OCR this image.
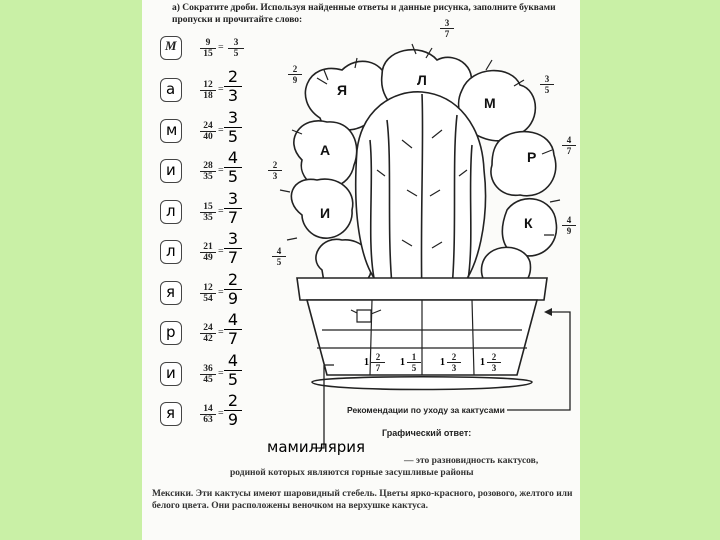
а) Сократите дроби. Используя найденные ответы и данные рисунка, заполните буквами пропуски и прочитайте слово:
М $\frac{9}{15} = \frac{3}{5}$
а	$\frac{12}{18} = \frac{2}{3}$
м $\frac{24}{40} = \frac{3}{5}$
и	$\frac{28}{35} = \frac{4}{5}$
л	$\frac{15}{35} = \frac{3}{7}$
л	$\frac{21}{49} = \frac{3}{7}$
я	$\frac{12}{54} = \frac{2}{9}$
р	$\frac{24}{42} = \frac{4}{7}$
и	$\frac{36}{45} = \frac{4}{5}$
я	$\frac{14}{63} = \frac{2}{9}$
Я
Л
М
А	Р
И
К
$\frac{3}{7}$
$\frac{2}{9}$	$\frac{3}{5}$
$\frac{4}{7}$
$\frac{2}{3}$
$\frac{4}{5}$
$\frac{4}{9}$
$1 \frac{2}{7} 1 \frac{1}{5} 1 \frac{2}{3} 1 \frac{2}{3}$
Рекомендации по уходу за кактусами
Графический ответ:
мамиллярия
— это разновидность кактусов,
родиной которых являются горные засушливые районы
Мексики. Эти кактусы имеют шаровидный стебель. Цветы ярко-красного, розового, желтого или белого цвета. Они расположены веночком на верхушке кактуса.
